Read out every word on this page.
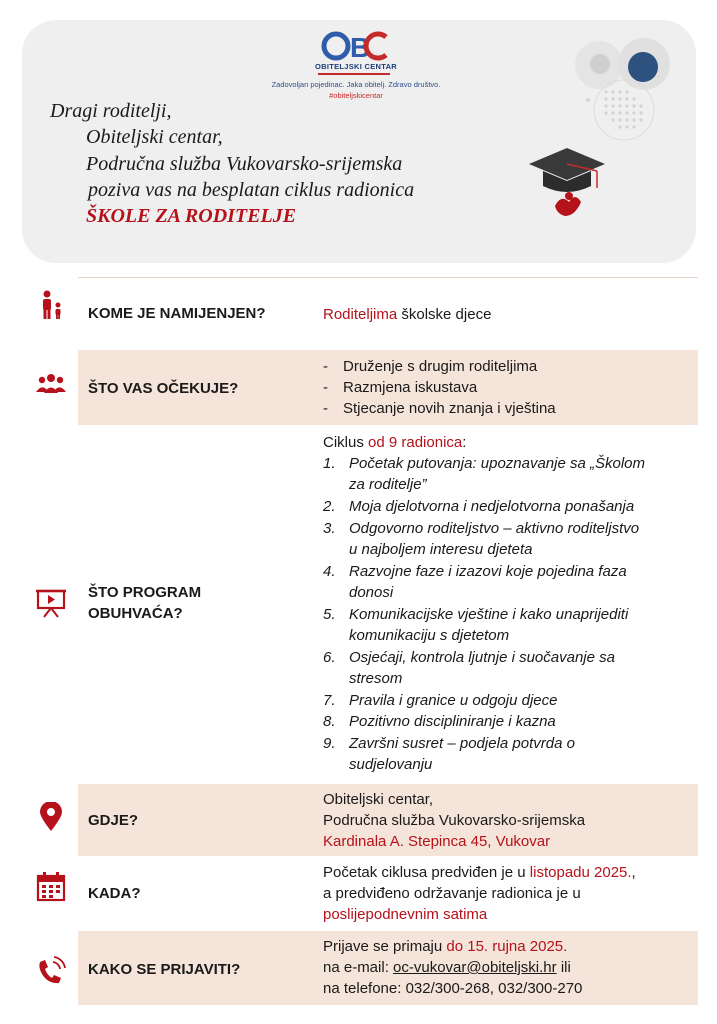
B
OBITELJSKI CENTAR
Zadovoljan pojedinac. Jaka obitelj. Zdravo društvo.
#obiteljskicentar
Dragi roditelji,
Obiteljski centar,
Područna služba Vukovarsko-srijemska
poziva vas na besplatan ciklus radionica
ŠKOLE ZA RODITELJE
KOME JE NAMIJENJEN?	Roditeljima školske djece
ŠTO VAS OČEKUJE?
- Druženje s drugim roditeljima
- Razmjena iskustava
- Stjecanje novih znanja i vještina
ŠTO PROGRAM
OBUHVAĆA?
Ciklus od 9 radionica:
1. Početak putovanja: upoznavanje sa „Školom
za roditelje”
2. Moja djelotvorna i nedjelotvorna ponašanja
3. Odgovorno roditeljstvo – aktivno roditeljstvo
u najboljem interesu djeteta
4. Razvojne faze i izazovi koje pojedina faza
donosi
5. Komunikacijske vještine i kako unaprijediti
komunikaciju s djetetom
6. Osjećaji, kontrola ljutnje i suočavanje sa
stresom
7. Pravila i granice u odgoju djece
8. Pozitivno discipliniranje i kazna
9. Završni susret – podjela potvrda o
sudjelovanju
GDJE?
Obiteljski centar,
Područna služba Vukovarsko-srijemska
Kardinala A. Stepinca 45, Vukovar
KADA?
Početak ciklusa predviđen je u listopadu 2025.,
a predviđeno održavanje radionica je u
poslijepodnevnim satima
KAKO SE PRIJAVITI?
Prijave se primaju do 15. rujna 2025.
na e-mail: oc-vukovar@obiteljski.hr ili
na telefone: 032/300-268, 032/300-270
